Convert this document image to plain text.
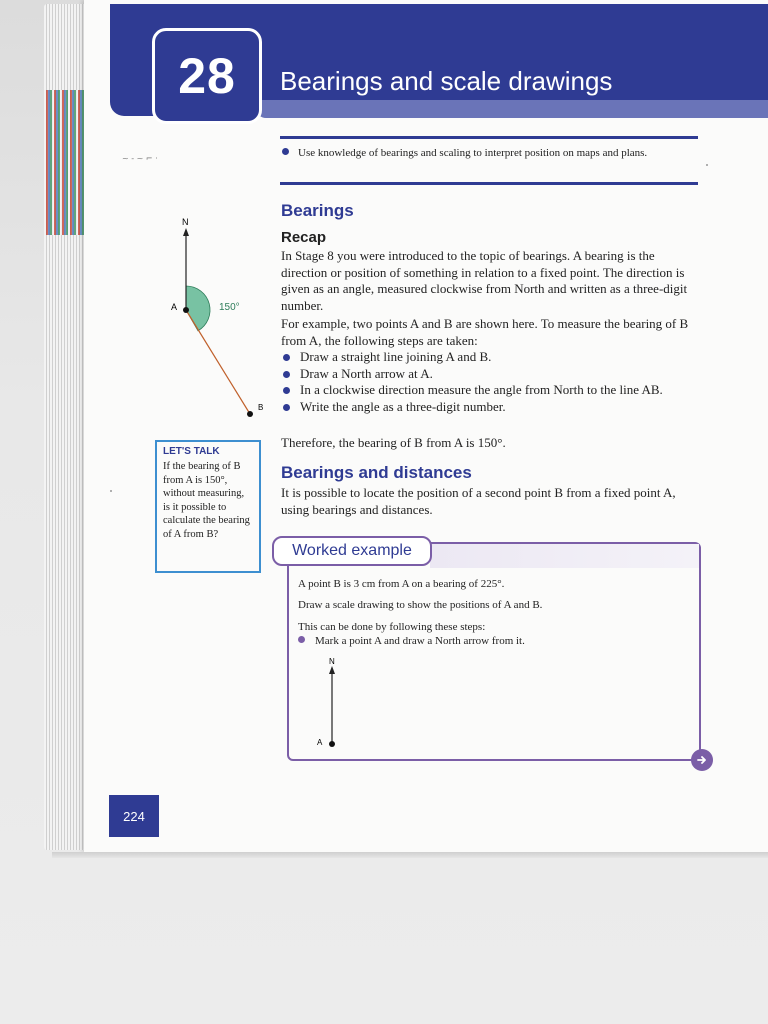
28 Bearings and scale drawings
Use knowledge of bearings and scaling to interpret position on maps and plans.
~ - ~ ⌐ ·
Bearings
Recap
In Stage 8 you were introduced to the topic of bearings. A bearing is the direction or position of something in relation to a fixed point. The direction is given as an angle, measured clockwise from North and written as a three-digit number.
For example, two points A and B are shown here. To measure the bearing of B from A, the following steps are taken:
Draw a straight line joining A and B.
Draw a North arrow at A.
In a clockwise direction measure the angle from North to the line AB.
Write the angle as a three-digit number.
Therefore, the bearing of B from A is 150°.
N
A
B
150°
LET'S TALK
If the bearing of B from A is 150°, without measuring, is it possible to calculate the bearing of A from B?
Bearings and distances
It is possible to locate the position of a second point B from a fixed point A, using bearings and distances.
Worked example
A point B is 3 cm from A on a bearing of 225°.
Draw a scale drawing to show the positions of A and B.
This can be done by following these steps:
Mark a point A and draw a North arrow from it.
N
A
224
